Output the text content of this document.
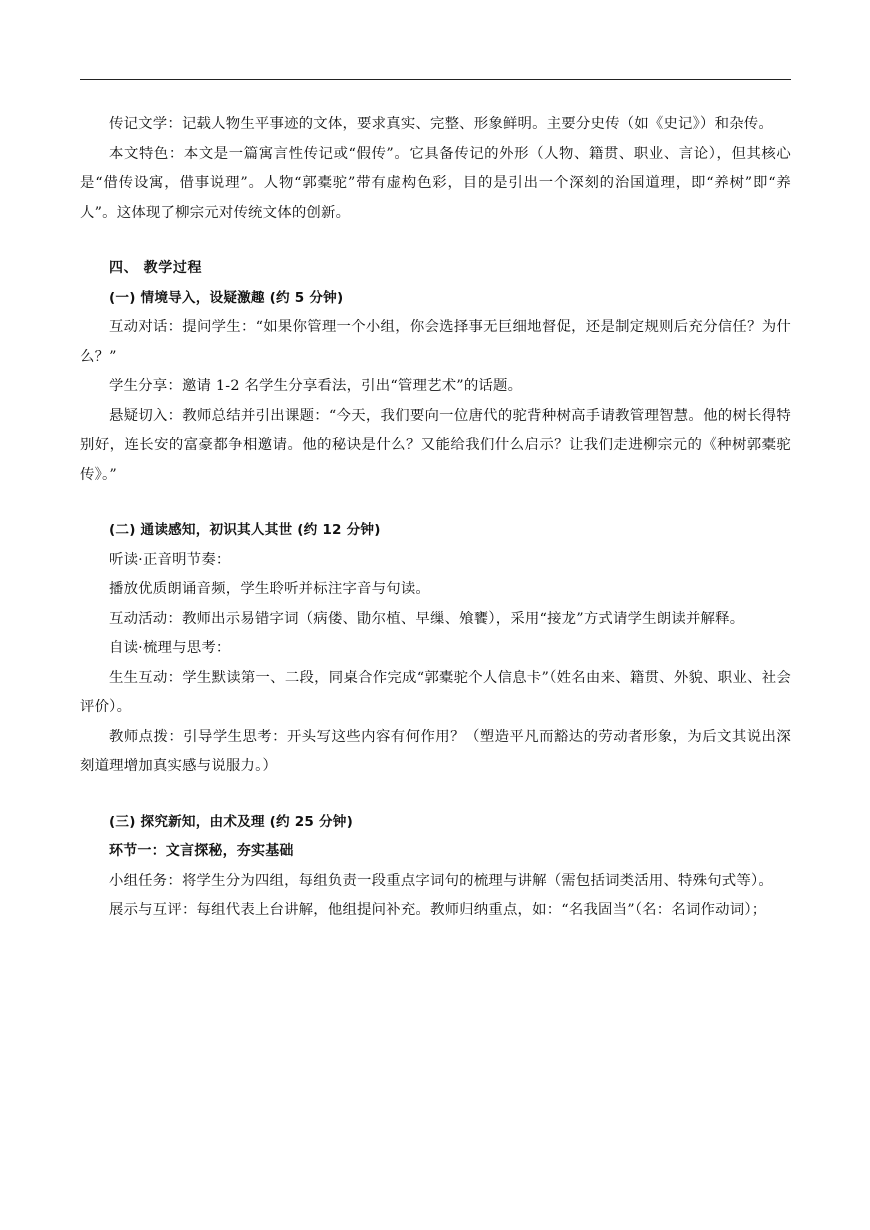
传记文学：记载人物生平事迹的文体，要求真实、完整、形象鲜明。主要分史传（如《史记》）和杂传。

本文特色：本文是一篇寓言性传记或“假传”。它具备传记的外形（人物、籍贯、职业、言论），但其核心是“借传设寓，借事说理”。人物“郭橐驼”带有虚构色彩，目的是引出一个深刻的治国道理，即“养树”即“养人”。这体现了柳宗元对传统文体的创新。

四、 教学过程

(一) 情境导入，设疑激趣 (约 5 分钟)

互动对话：提问学生：“如果你管理一个小组，你会选择事无巨细地督促，还是制定规则后充分信任？为什么？”

学生分享：邀请 1-2 名学生分享看法，引出“管理艺术”的话题。

悬疑切入：教师总结并引出课题：“今天，我们要向一位唐代的驼背种树高手请教管理智慧。他的树长得特别好，连长安的富豪都争相邀请。他的秘诀是什么？又能给我们什么启示？让我们走进柳宗元的《种树郭橐驼传》。”

(二) 通读感知，初识其人其世 (约 12 分钟)

听读·正音明节奏：

播放优质朗诵音频，学生聆听并标注字音与句读。

互动活动：教师出示易错字词（病偻、勖尔植、早缫、飧饔），采用“接龙”方式请学生朗读并解释。

自读·梳理与思考：

生生互动：学生默读第一、二段，同桌合作完成“郭橐驼个人信息卡”（姓名由来、籍贯、外貌、职业、社会评价）。

教师点拨：引导学生思考：开头写这些内容有何作用？（塑造平凡而豁达的劳动者形象，为后文其说出深刻道理增加真实感与说服力。）

(三) 探究新知，由术及理 (约 25 分钟)

环节一：文言探秘，夯实基础

小组任务：将学生分为四组，每组负责一段重点字词句的梳理与讲解（需包括词类活用、特殊句式等）。

展示与互评：每组代表上台讲解，他组提问补充。教师归纳重点，如：“名我固当”（名：名词作动词）；
